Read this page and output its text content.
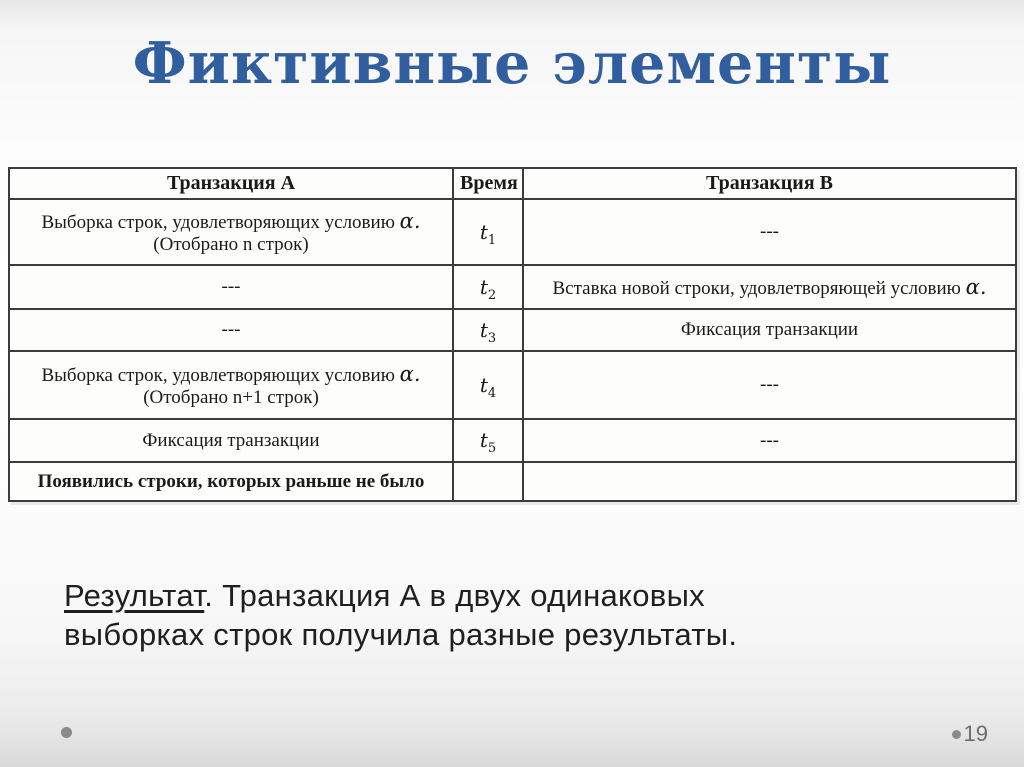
Фиктивные элементы
Транзакция А	Время	Транзакция В
Выборка строк, удовлетворяющих условию α.
(Отобрано n строк)	$t_1$	---
---	$t_2$	Вставка новой строки, удовлетворяющей условию α.
---	$t_3$	Фиксация транзакции
Выборка строк, удовлетворяющих условию α.
(Отобрано n+1 строк)	$t_4$	---
Фиксация транзакции	$t_5$	---
Появились строки, которых раньше не было		

Результат. Транзакция А в двух одинаковых
выборках строк получила разные результаты.

19
